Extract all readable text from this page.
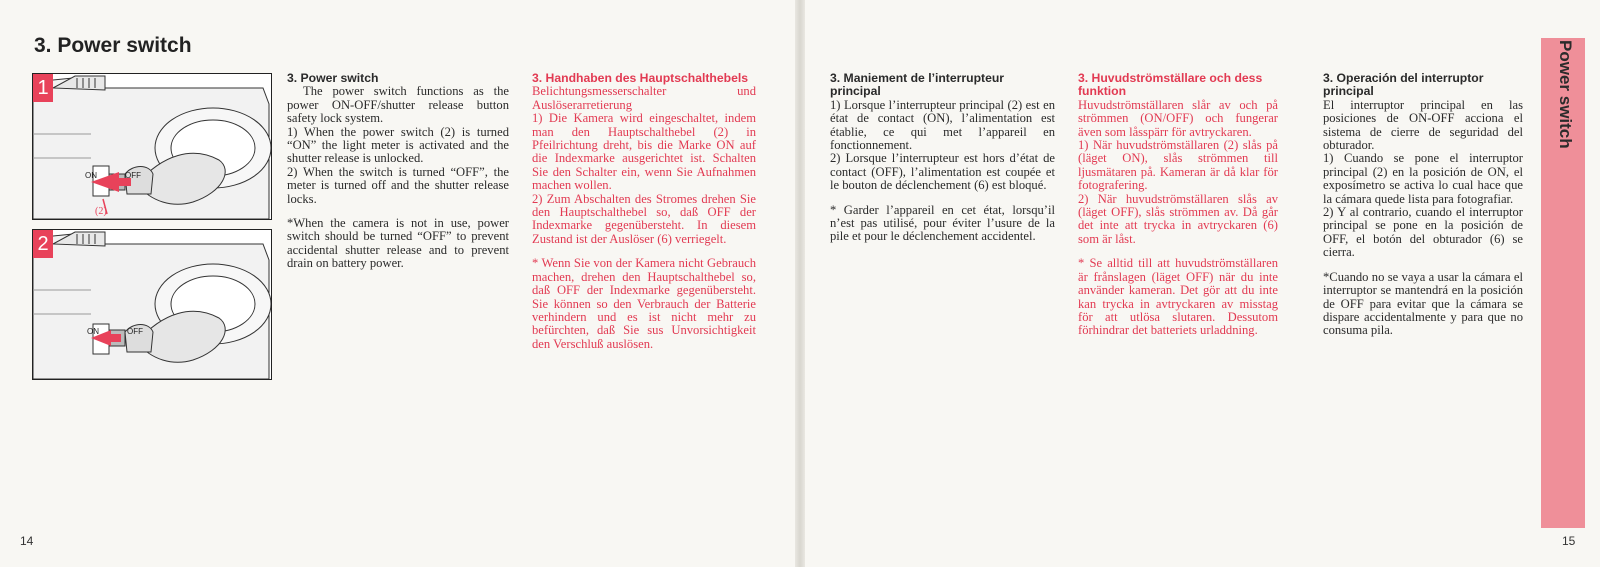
3. Power switch
ON	OFF
(2)
1
ON	OFF
2

3. Power switch

The power switch functions as the power ON-OFF/shutter release button safety lock system.

1) When the power switch (2) is turned “ON” the light meter is activated and the shutter release is unlocked.

2) When the switch is turned “OFF”, the meter is turned off and the shutter release locks.

*When the camera is not in use, power switch should be turned “OFF” to prevent accidental shutter release and to prevent drain on battery power.

3. Handhaben des Hauptschalthebels

Belichtungsmesserschalter und Auslöserarretierung

1) Die Kamera wird eingeschaltet, indem man den Hauptschalthebel (2) in Pfeilrichtung dreht, bis die Marke ON auf die Indexmarke ausgerichtet ist. Schalten Sie den Schalter ein, wenn Sie Aufnahmen machen wollen.

2) Zum Abschalten des Stromes drehen Sie den Hauptschalthebel so, daß OFF der Indexmarke gegenübersteht. In diesem Zustand ist der Auslöser (6) verriegelt.

* Wenn Sie von der Kamera nicht Gebrauch machen, drehen den Hauptschalthebel so, daß OFF der Indexmarke gegenübersteht. Sie können so den Verbrauch der Batterie verhindern und es ist nicht mehr zu befürchten, daß Sie sus Unvorsichtigkeit den Verschluß auslösen.

3. Maniement de l’interrupteur principal

1) Lorsque l’interrupteur principal (2) est en état de contact (ON), l’alimentation est établie, ce qui met l’appareil en fonctionnement.

2) Lorsque l’interrupteur est hors d’état de contact (OFF), l’alimentation est coupée et le bouton de déclenchement (6) est bloqué.

* Garder l’appareil en cet état, lorsqu’il n’est pas utilisé, pour éviter l’usure de la pile et pour le déclenchement accidentel.

3. Huvudströmställare och dess funktion

Huvudströmställaren slår av och på strömmen (ON/OFF) och fungerar även som låsspärr för avtryckaren.

1) När huvudströmställaren (2) slås på (läget ON), slås strömmen till ljusmätaren på. Kameran är då klar för fotografering.

2) När huvudströmställaren slås av (läget OFF), slås strömmen av. Då går det inte att trycka in avtryckaren (6) som är låst.

* Se alltid till att huvudströmställaren är frånslagen (läget OFF) när du inte använder kameran. Det gör att du inte kan trycka in avtryckaren av misstag för att utlösa slutaren. Dessutom förhindrar det batteriets urladdning.

3. Operación del interruptor principal

El interruptor principal en las posiciones de ON-OFF acciona el sistema de cierre de seguridad del obturador.

1) Cuando se pone el interruptor principal (2) en la posición de ON, el exposímetro se activa lo cual hace que la cámara quede lista para fotografiar.

2) Y al contrario, cuando el interruptor principal se pone en la posición de OFF, el botón del obturador (6) se cierra.

*Cuando no se vaya a usar la cámara el interruptor se mantendrá en la posición de OFF para evitar que la cámara se dispare accidentalmente y para que no consuma pila.

Power switch

14	15
